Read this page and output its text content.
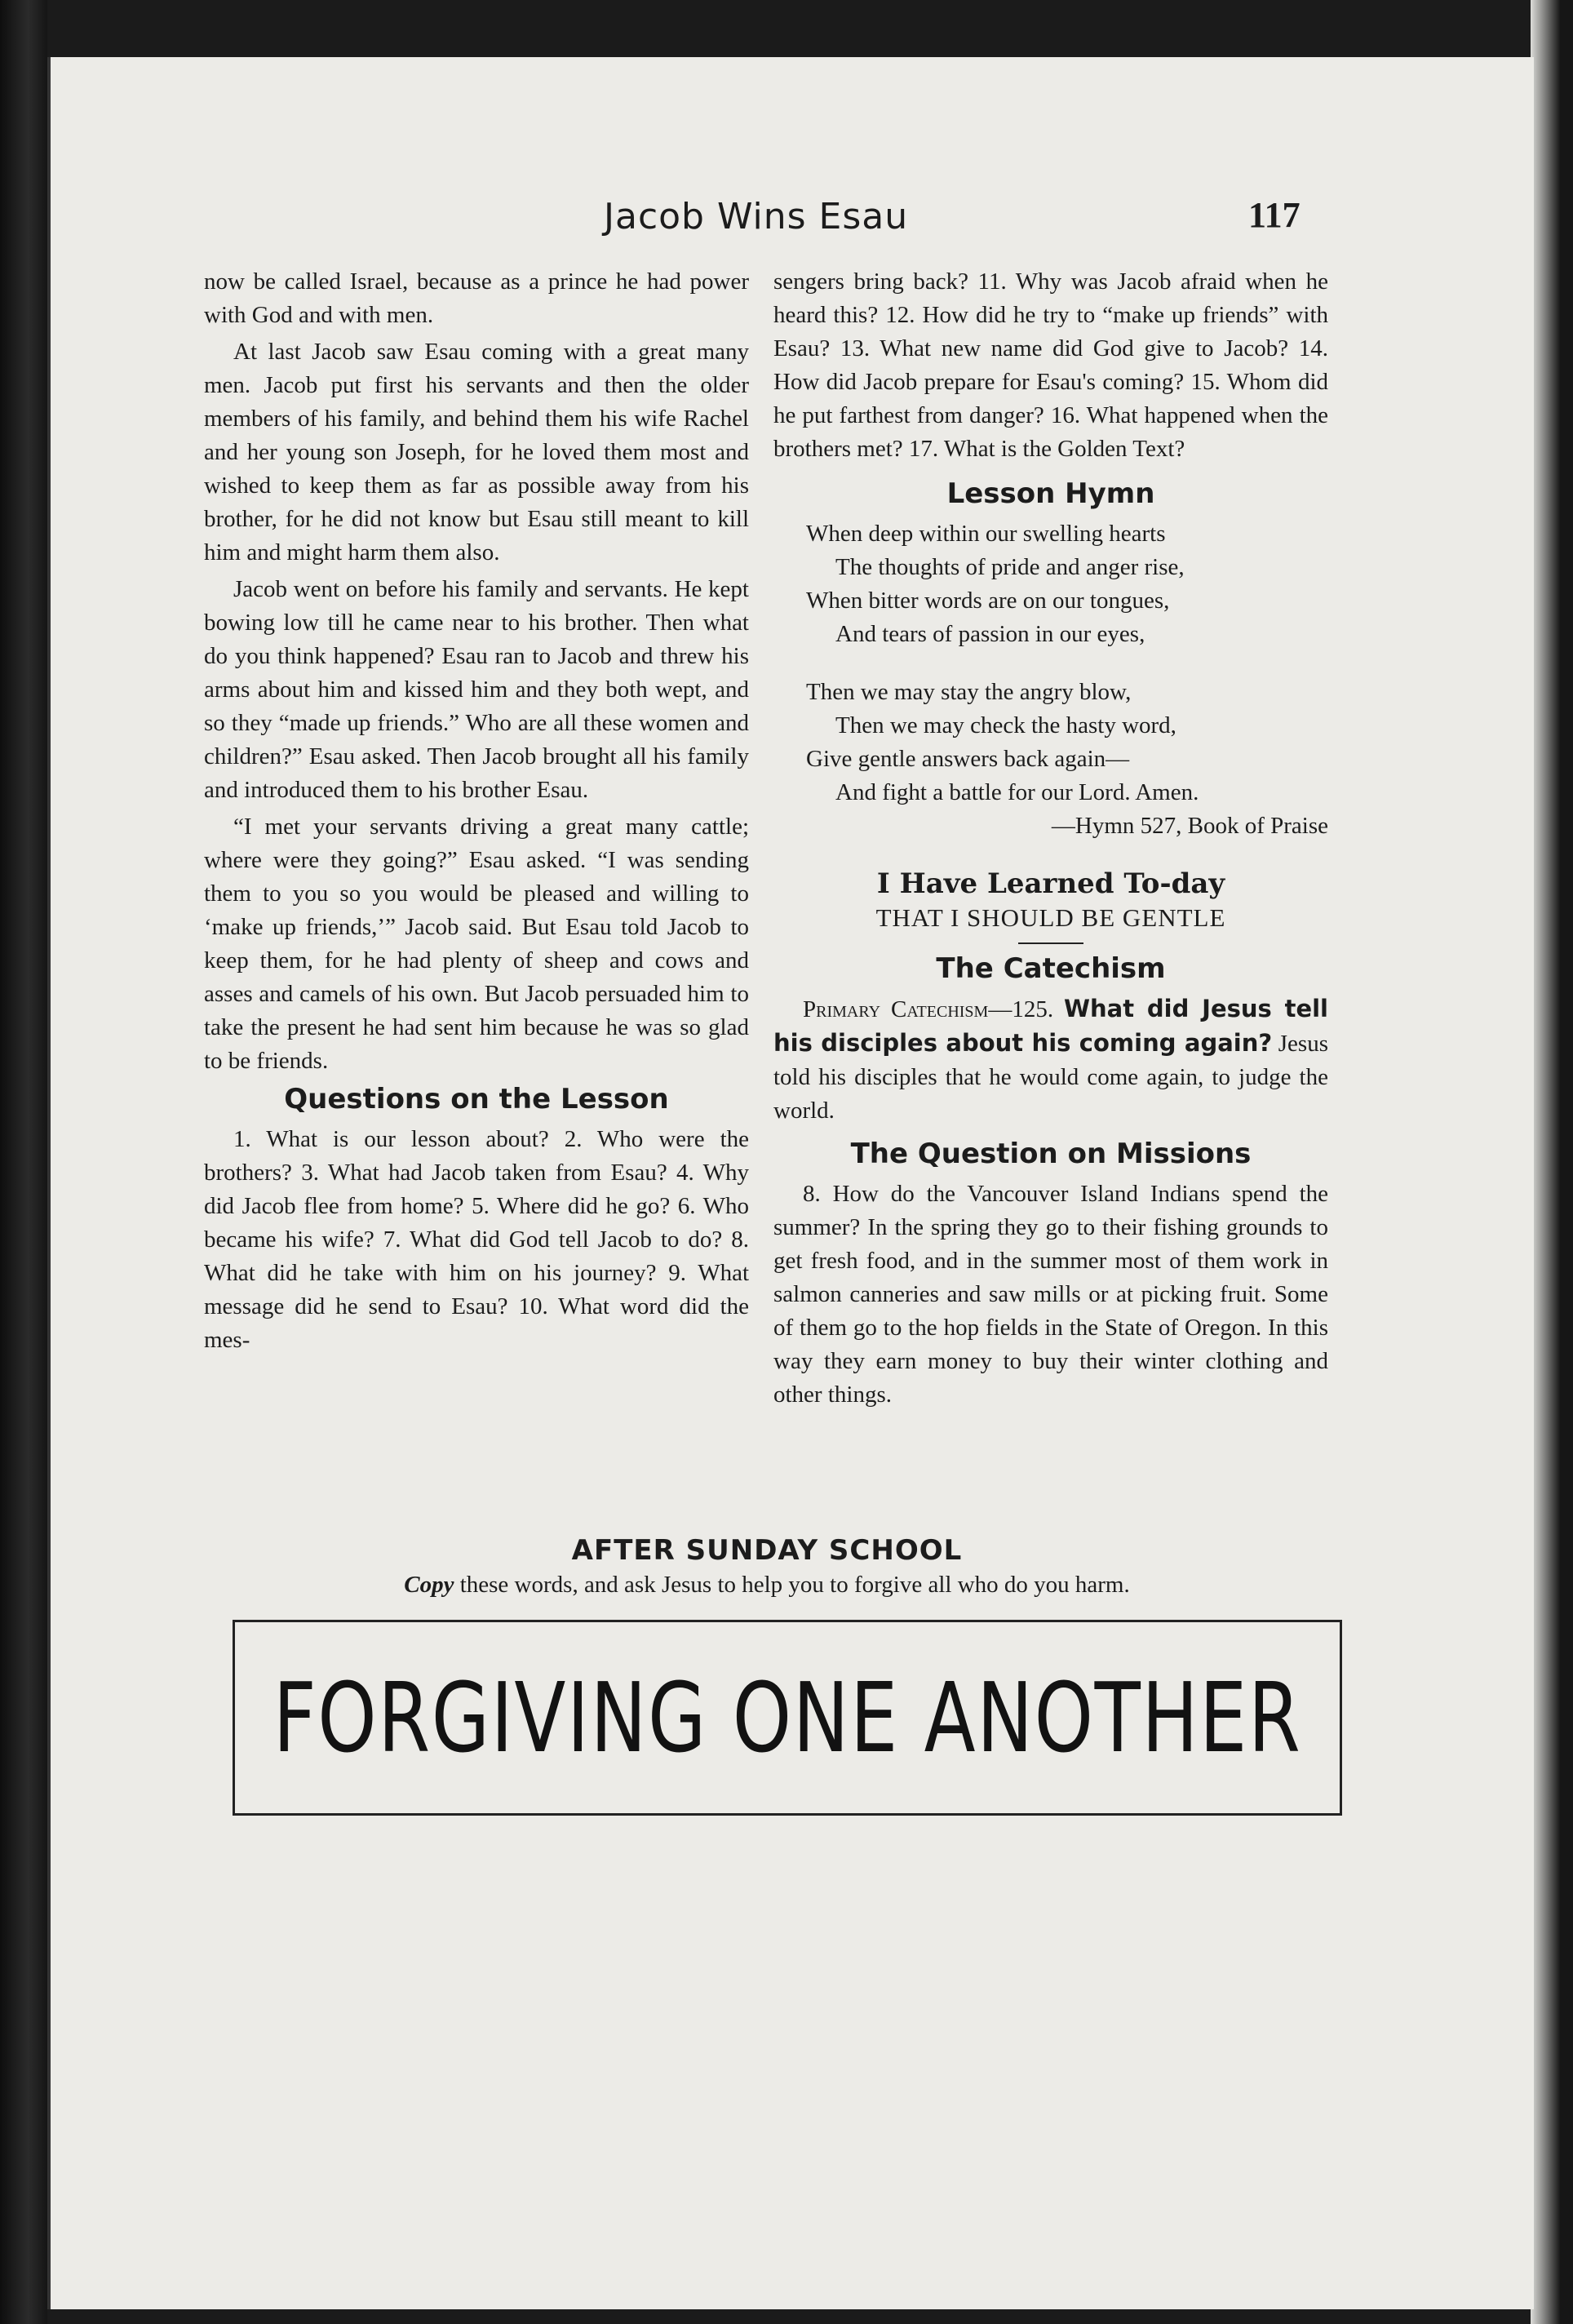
Jacob Wins Esau	117

now be called Israel, because as a prince he had power with God and with men.

At last Jacob saw Esau coming with a great many men. Jacob put first his servants and then the older members of his family, and behind them his wife Rachel and her young son Joseph, for he loved them most and wished to keep them as far as possible away from his brother, for he did not know but Esau still meant to kill him and might harm them also.

Jacob went on before his family and servants. He kept bowing low till he came near to his brother. Then what do you think happened? Esau ran to Jacob and threw his arms about him and kissed him and they both wept, and so they “made up friends.” Who are all these women and children?” Esau asked. Then Jacob brought all his family and introduced them to his brother Esau.

“I met your servants driving a great many cattle; where were they going?” Esau asked. “I was sending them to you so you would be pleased and willing to ‘make up friends,’” Jacob said. But Esau told Jacob to keep them, for he had plenty of sheep and cows and asses and camels of his own. But Jacob persuaded him to take the present he had sent him because he was so glad to be friends.

Questions on the Lesson

1. What is our lesson about? 2. Who were the brothers? 3. What had Jacob taken from Esau? 4. Why did Jacob flee from home? 5. Where did he go? 6. Who became his wife? 7. What did God tell Jacob to do? 8. What did he take with him on his journey? 9. What message did he send to Esau? 10. What word did the mes-

sengers bring back? 11. Why was Jacob afraid when he heard this? 12. How did he try to “make up friends” with Esau? 13. What new name did God give to Jacob? 14. How did Jacob prepare for Esau's coming? 15. Whom did he put farthest from danger? 16. What happened when the brothers met? 17. What is the Golden Text?

Lesson Hymn
When deep within our swelling hearts
The thoughts of pride and anger rise,
When bitter words are on our tongues,
And tears of passion in our eyes,
Then we may stay the angry blow,
Then we may check the hasty word,
Give gentle answers back again—
And fight a battle for our Lord. Amen.
—Hymn 527, Book of Praise
I Have Learned To-day
THAT I SHOULD BE GENTLE
The Catechism

Primary Catechism—125. What did Jesus tell his disciples about his coming again? Jesus told his disciples that he would come again, to judge the world.

The Question on Missions

8. How do the Vancouver Island Indians spend the summer? In the spring they go to their fishing grounds to get fresh food, and in the summer most of them work in salmon canneries and saw mills or at picking fruit. Some of them go to the hop fields in the State of Oregon. In this way they earn money to buy their winter clothing and other things.

AFTER SUNDAY SCHOOL
Copy these words, and ask Jesus to help you to forgive all who do you harm.
FORGIVING ONE ANOTHER
